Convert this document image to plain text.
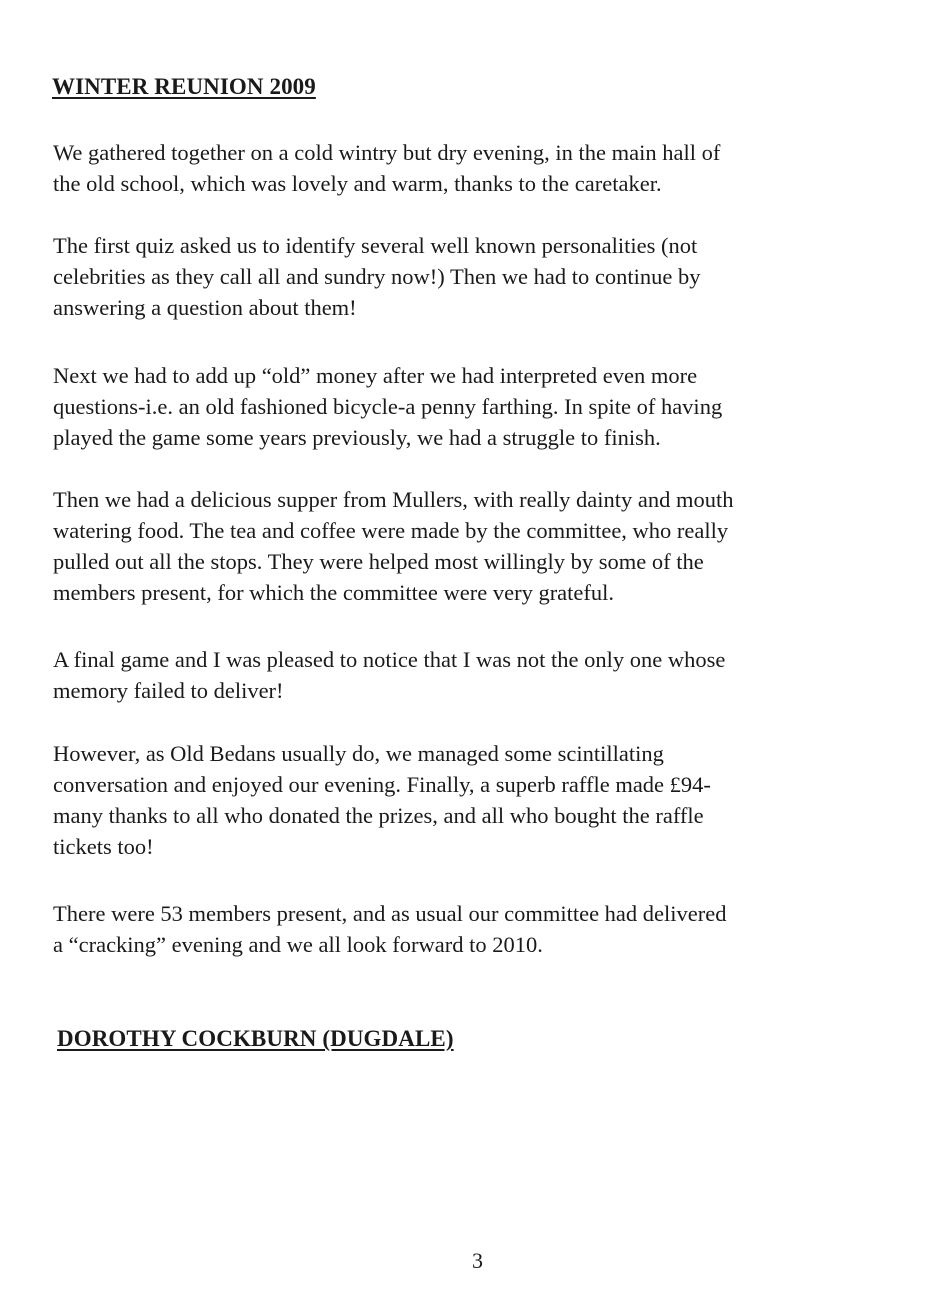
WINTER REUNION 2009
We gathered together on a cold wintry but dry evening, in the main hall of
the old school, which was lovely and warm, thanks to the caretaker.
The first quiz asked us to identify several well known personalities (not
celebrities as they call all and sundry now!) Then we had to continue by
answering a question about them!
Next we had to add up “old” money after we had interpreted even more
questions-i.e. an old fashioned bicycle-a penny farthing. In spite of having
played the game some years previously, we had a struggle to finish.
Then we had a delicious supper from Mullers, with really dainty and mouth
watering food. The tea and coffee were made by the committee, who really
pulled out all the stops. They were helped most willingly by some of the
members present, for which the committee were very grateful.
A final game and I was pleased to notice that I was not the only one whose
memory failed to deliver!
However, as Old Bedans usually do, we managed some scintillating
conversation and enjoyed our evening. Finally, a superb raffle made £94-
many thanks to all who donated the prizes, and all who bought the raffle
tickets too!
There were 53 members present, and as usual our committee had delivered
a “cracking” evening and we all look forward to 2010.
DOROTHY COCKBURN (DUGDALE)
3
